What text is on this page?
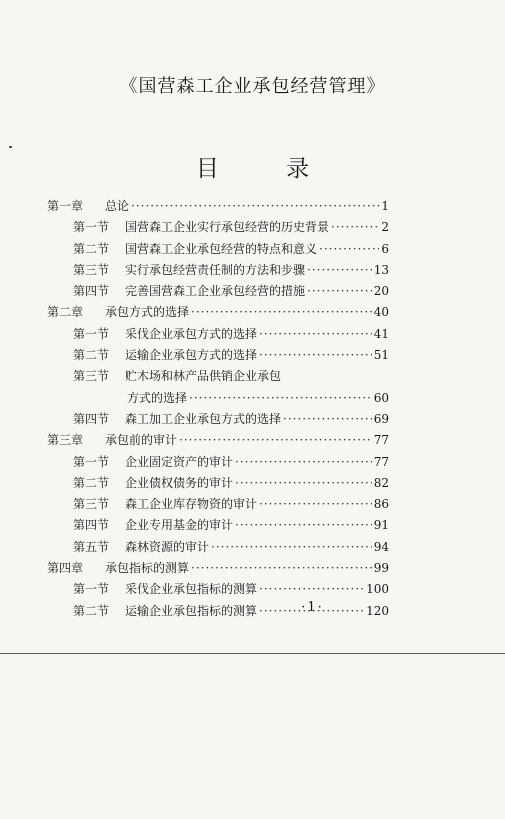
《国营森工企业承包经营管理》
目 录
第一章 总论 ·····	1
第一节 国营森工企业实行承包经营的历史背景 ·····	2
第二节 国营森工企业承包经营的特点和意义 ·····	6
第三节 实行承包经营责任制的方法和步骤 ·····	13
第四节 完善国营森工企业承包经营的措施 ·····	20
第二章 承包方式的选择 ·····	40
第一节 采伐企业承包方式的选择 ·····	41
第二节 运输企业承包方式的选择 ·····	51
第三节 贮木场和林产品供销企业承包
方式的选择 ·····	60
第四节 森工加工企业承包方式的选择 ·····	69
第三章 承包前的审计 ·····	77
第一节 企业固定资产的审计 ·····	77
第二节 企业债权债务的审计 ·····	82
第三节 森工企业库存物资的审计 ·····	86
第四节 企业专用基金的审计 ·····	91
第五节 森林资源的审计 ·····	94
第四章 承包指标的测算 ·····	99
第一节 采伐企业承包指标的测算 ·····	100
第二节 运输企业承包指标的测算 ·····	120
·1·
